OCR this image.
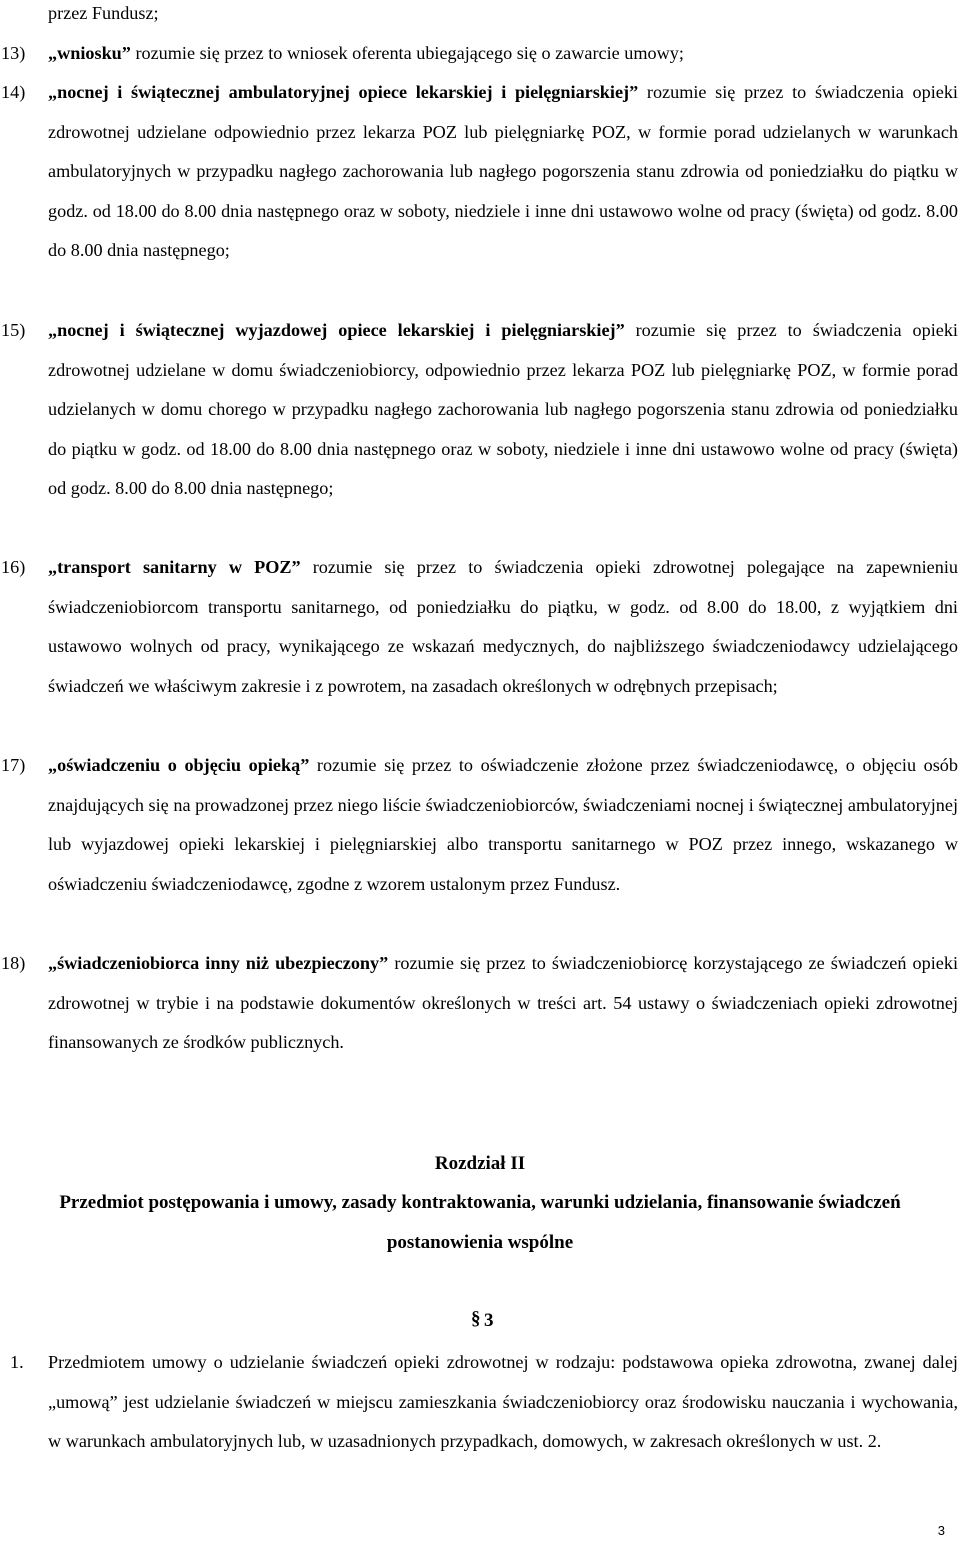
przez Fundusz;
13) „wniosku” rozumie się przez to wniosek oferenta ubiegającego się o zawarcie umowy;
14) „nocnej i świątecznej ambulatoryjnej opiece lekarskiej i pielęgniarskiej” rozumie się przez to świadczenia opieki zdrowotnej udzielane odpowiednio przez lekarza POZ lub pielęgniarkę POZ, w formie porad udzielanych w warunkach ambulatoryjnych w przypadku nagłego zachorowania lub nagłego pogorszenia stanu zdrowia od poniedziałku do piątku w godz. od 18.00 do 8.00 dnia następnego oraz w soboty, niedziele i inne dni ustawowo wolne od pracy (święta) od godz. 8.00 do 8.00 dnia następnego;
15) „nocnej i świątecznej wyjazdowej opiece lekarskiej i pielęgniarskiej” rozumie się przez to świadczenia opieki zdrowotnej udzielane w domu świadczeniobiorcy, odpowiednio przez lekarza POZ lub pielęgniarkę POZ, w formie porad udzielanych w domu chorego w przypadku nagłego zachorowania lub nagłego pogorszenia stanu zdrowia od poniedziałku do piątku w godz. od 18.00 do 8.00 dnia następnego oraz w soboty, niedziele i inne dni ustawowo wolne od pracy (święta) od godz. 8.00 do 8.00 dnia następnego;
16) „transport sanitarny w POZ” rozumie się przez to świadczenia opieki zdrowotnej polegające na zapewnieniu świadczeniobiorcom transportu sanitarnego, od poniedziałku do piątku, w godz. od 8.00 do 18.00, z wyjątkiem dni ustawowo wolnych od pracy, wynikającego ze wskazań medycznych, do najbliższego świadczeniodawcy udzielającego świadczeń we właściwym zakresie i z powrotem, na zasadach określonych w odrębnych przepisach;
17) „oświadczeniu o objęciu opieką” rozumie się przez to oświadczenie złożone przez świadczeniodawcę, o objęciu osób znajdujących się na prowadzonej przez niego liście świadczeniobiorców, świadczeniami nocnej i świątecznej ambulatoryjnej lub wyjazdowej opieki lekarskiej i pielęgniarskiej albo transportu sanitarnego w POZ przez innego, wskazanego w oświadczeniu świadczeniodawcę, zgodne z wzorem ustalonym przez Fundusz.
18) „świadczeniobiorca inny niż ubezpieczony” rozumie się przez to świadczeniobiorcę korzystającego ze świadczeń opieki zdrowotnej w trybie i na podstawie dokumentów określonych w treści art. 54 ustawy o świadczeniach opieki zdrowotnej finansowanych ze środków publicznych.
Rozdział II
Przedmiot postępowania i umowy, zasady kontraktowania, warunki udzielania, finansowanie świadczeń postanowienia wspólne
§ 3
1. Przedmiotem umowy o udzielanie świadczeń opieki zdrowotnej w rodzaju: podstawowa opieka zdrowotna, zwanej dalej „umową” jest udzielanie świadczeń w miejscu zamieszkania świadczeniobiorcy oraz środowisku nauczania i wychowania, w warunkach ambulatoryjnych lub, w uzasadnionych przypadkach, domowych, w zakresach określonych w ust. 2.
3
